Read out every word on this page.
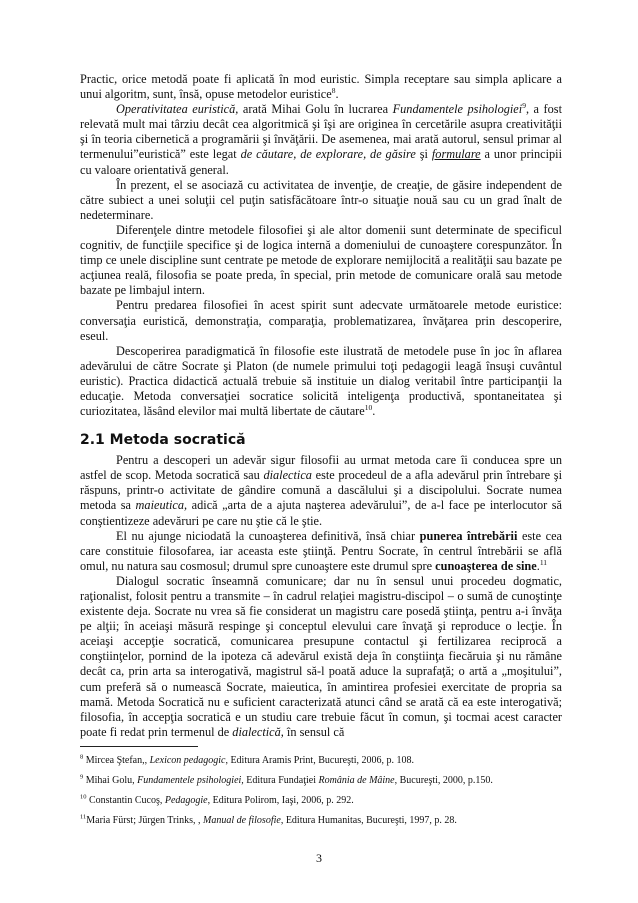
Practic, orice metodă poate fi aplicată în mod euristic. Simpla receptare sau simpla aplicare a unui algoritm, sunt, însă, opuse metodelor euristice$^8$.

Operativitatea euristică, arată Mihai Golu în lucrarea Fundamentele psihologiei$^9$, a fost relevată mult mai târziu decât cea algoritmică şi îşi are originea în cercetările asupra creativităţii şi în teoria cibernetică a programării şi învăţării. De asemenea, mai arată autorul, sensul primar al termenului”euristică” este legat de căutare, de explorare, de găsire şi formulare a unor principii cu valoare orientativă general.

În prezent, el se asociază cu activitatea de invenţie, de creaţie, de găsire independent de către subiect a unei soluţii cel puţin satisfăcătoare într-o situaţie nouă sau cu un grad înalt de nedeterminare.

Diferenţele dintre metodele filosofiei şi ale altor domenii sunt determinate de specificul cognitiv, de funcţiile specifice şi de logica internă a domeniului de cunoaştere corespunzător. În timp ce unele discipline sunt centrate pe metode de explorare nemijlocită a realităţii sau bazate pe acţiunea reală, filosofia se poate preda, în special, prin metode de comunicare orală sau metode bazate pe limbajul intern.

Pentru predarea filosofiei în acest spirit sunt adecvate următoarele metode euristice: conversaţia euristică, demonstraţia, comparaţia, problematizarea, învăţarea prin descoperire, eseul.

Descoperirea paradigmatică în filosofie este ilustrată de metodele puse în joc în aflarea adevărului de către Socrate şi Platon (de numele primului toţi pedagogii leagă însuşi cuvântul euristic). Practica didactică actuală trebuie să instituie un dialog veritabil între participanţii la educaţie. Metoda conversaţiei socratice solicită inteligenţa productivă, spontaneitatea şi curiozitatea, lăsând elevilor mai multă libertate de căutare$^{10}$.

2.1 Metoda socratică

Pentru a descoperi un adevăr sigur filosofii au urmat metoda care îi conducea spre un astfel de scop. Metoda socratică sau dialectica este procedeul de a afla adevărul prin întrebare şi răspuns, printr-o activitate de gândire comună a dascălului şi a discipolului. Socrate numea metoda sa maieutica, adică „arta de a ajuta naşterea adevărului”, de a-l face pe interlocutor să conştientizeze adevăruri pe care nu ştie că le ştie.

El nu ajunge niciodată la cunoaşterea definitivă, însă chiar punerea întrebării este cea care constituie filosofarea, iar aceasta este ştiinţă. Pentru Socrate, în centrul întrebării se află omul, nu natura sau cosmosul; drumul spre cunoaştere este drumul spre cunoaşterea de sine.$^{11}$

Dialogul socratic înseamnă comunicare; dar nu în sensul unui procedeu dogmatic, raţionalist, folosit pentru a transmite – în cadrul relaţiei magistru-discipol – o sumă de cunoştinţe existente deja. Socrate nu vrea să fie considerat un magistru care posedă ştiinţa, pentru a-i învăţa pe alţii; în aceiaşi măsură respinge şi conceptul elevului care învaţă şi reproduce o lecţie. În aceiaşi accepţie socratică, comunicarea presupune contactul şi fertilizarea reciprocă a conştiinţelor, pornind de la ipoteza că adevărul există deja în conştiinţa fiecăruia şi nu rămâne decât ca, prin arta sa interogativă, magistrul să-l poată aduce la suprafaţă; o artă a „moşitului”, cum preferă să o numească Socrate, maieutica, în amintirea profesiei exercitate de propria sa mamă. Metoda Socratică nu e suficient caracterizată atunci când se arată că ea este interogativă; filosofia, în accepţia socratică e un studiu care trebuie făcut în comun, şi tocmai acest caracter poate fi redat prin termenul de dialectică, în sensul că

$^8$ Mircea Ştefan,, Lexicon pedagogic, Editura Aramis Print, Bucureşti, 2006, p. 108.

$^9$ Mihai Golu, Fundamentele psihologiei, Editura Fundaţiei România de Mâine, Bucureşti, 2000, p.150.

$^{10}$ Constantin Cucoş, Pedagogie, Editura Polirom, Iaşi, 2006, p. 292.

$^{11}$Maria Fürst; Jürgen Trinks, , Manual de filosofie, Editura Humanitas, Bucureşti, 1997, p. 28.

3
